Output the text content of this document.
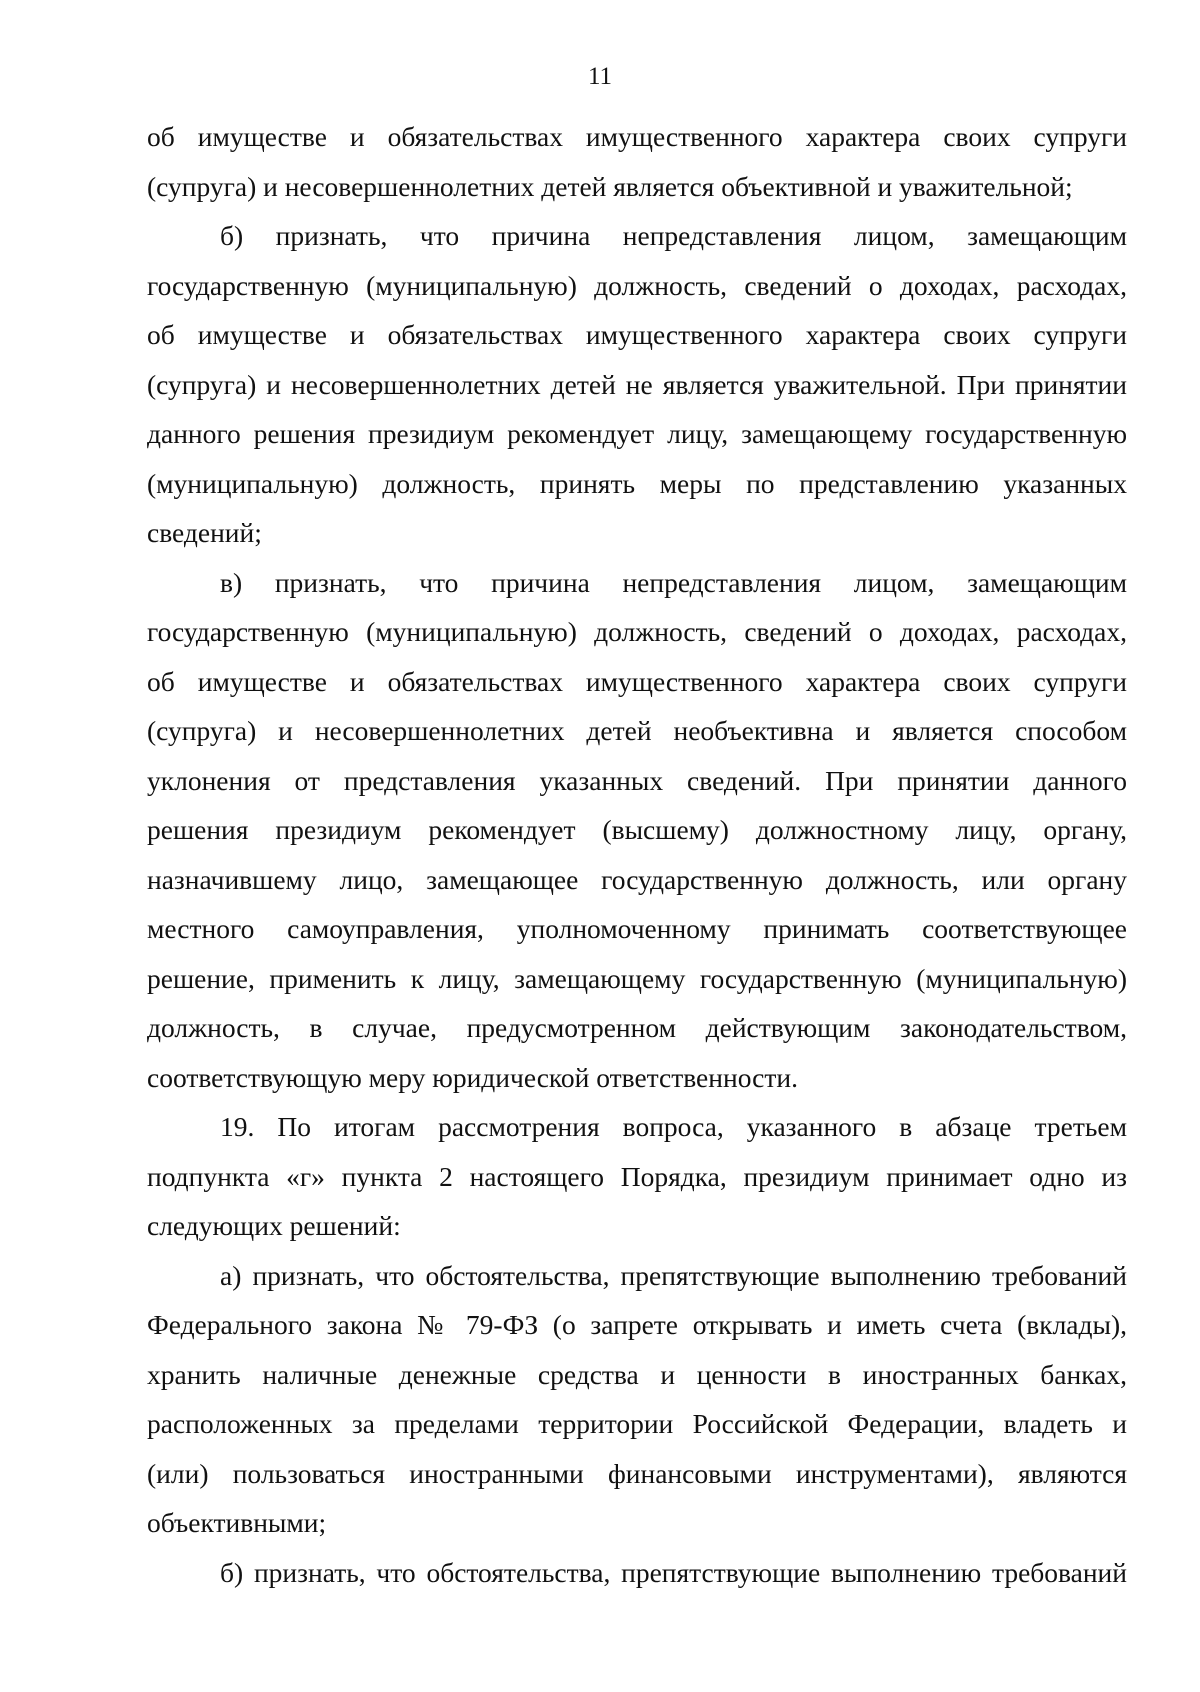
11
об имуществе и обязательствах имущественного характера своих супруги
(супруга) и несовершеннолетних детей является объективной и уважительной;
б) признать, что причина непредставления лицом, замещающим
государственную (муниципальную) должность, сведений о доходах, расходах,
об имуществе и обязательствах имущественного характера своих супруги
(супруга) и несовершеннолетних детей не является уважительной. При принятии
данного решения президиум рекомендует лицу, замещающему государственную
(муниципальную) должность, принять меры по представлению указанных
сведений;
в) признать, что причина непредставления лицом, замещающим
государственную (муниципальную) должность, сведений о доходах, расходах,
об имуществе и обязательствах имущественного характера своих супруги
(супруга) и несовершеннолетних детей необъективна и является способом
уклонения от представления указанных сведений. При принятии данного
решения президиум рекомендует (высшему) должностному лицу, органу,
назначившему лицо, замещающее государственную должность, или органу
местного самоуправления, уполномоченному принимать соответствующее
решение, применить к лицу, замещающему государственную (муниципальную)
должность, в случае, предусмотренном действующим законодательством,
соответствующую меру юридической ответственности.
19. По итогам рассмотрения вопроса, указанного в абзаце третьем
подпункта «г» пункта 2 настоящего Порядка, президиум принимает одно из
следующих решений:
а) признать, что обстоятельства, препятствующие выполнению требований
Федерального закона № 79-ФЗ (о запрете открывать и иметь счета (вклады),
хранить наличные денежные средства и ценности в иностранных банках,
расположенных за пределами территории Российской Федерации, владеть и
(или) пользоваться иностранными финансовыми инструментами), являются
объективными;
б) признать, что обстоятельства, препятствующие выполнению требований
